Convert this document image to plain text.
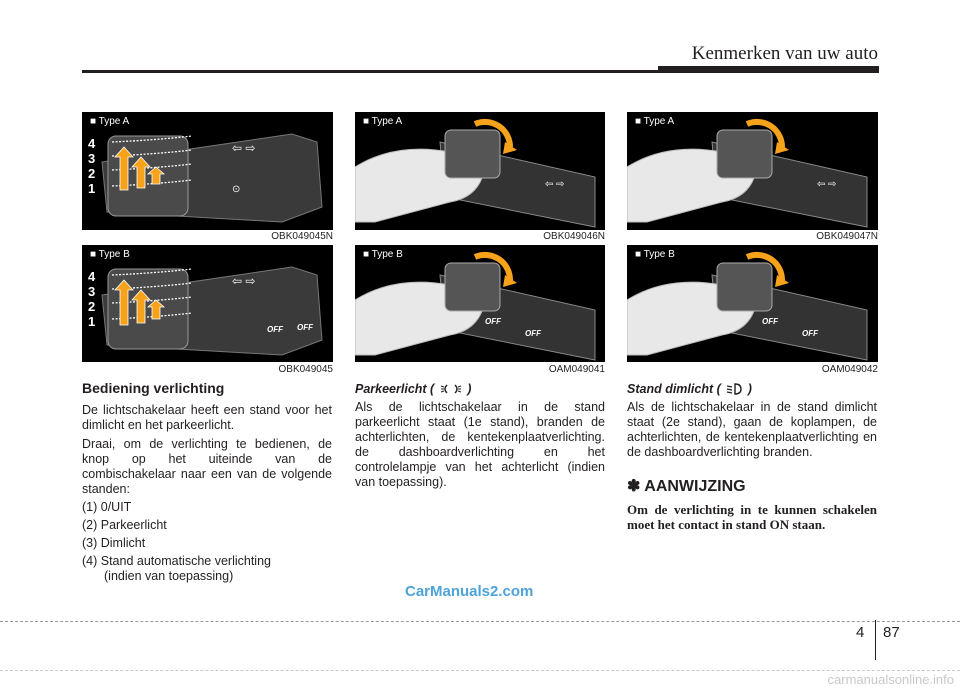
Kenmerken van uw auto
⇦ ⇨
⊙
■ Type A
4
3
2
1
OBK049045N
⇦ ⇨
■ Type B
4
3
2
1
OFF OFF
OBK049045
⇦ ⇨
■ Type A
OBK049046N
■ Type B
OFF
OFF
OAM049041
⇦ ⇨
■ Type A
OBK049047N
■ Type B
OFF
OFF
OAM049042
Bediening verlichting
De lichtschakelaar heeft een stand voor het dimlicht en het parkeerlicht.
Draai, om de verlichting te bedienen, de knop op het uiteinde van de combischakelaar naar een van de volgende standen:
(1) 0/UIT
(2) Parkeerlicht
(3) Dimlicht
(4) Stand automatische verlichting
(indien van toepassing)
Parkeerlicht (	)
Als de lichtschakelaar in de stand parkeerlicht staat (1e stand), branden de achterlichten, de kentekenplaatverlichting. de dashboardverlichting en het controlelampje van het achterlicht (indien van toepassing).
Stand dimlicht ( )
Als de lichtschakelaar in de stand dimlicht staat (2e stand), gaan de koplampen, de achterlichten, de kentekenplaatverlichting en de dashboardverlichting branden.
✽ AANWIJZING
Om de verlichting in te kunnen schakelen moet het contact in stand ON staan.
CarManuals2.com
4 87
carmanualsonline.info
